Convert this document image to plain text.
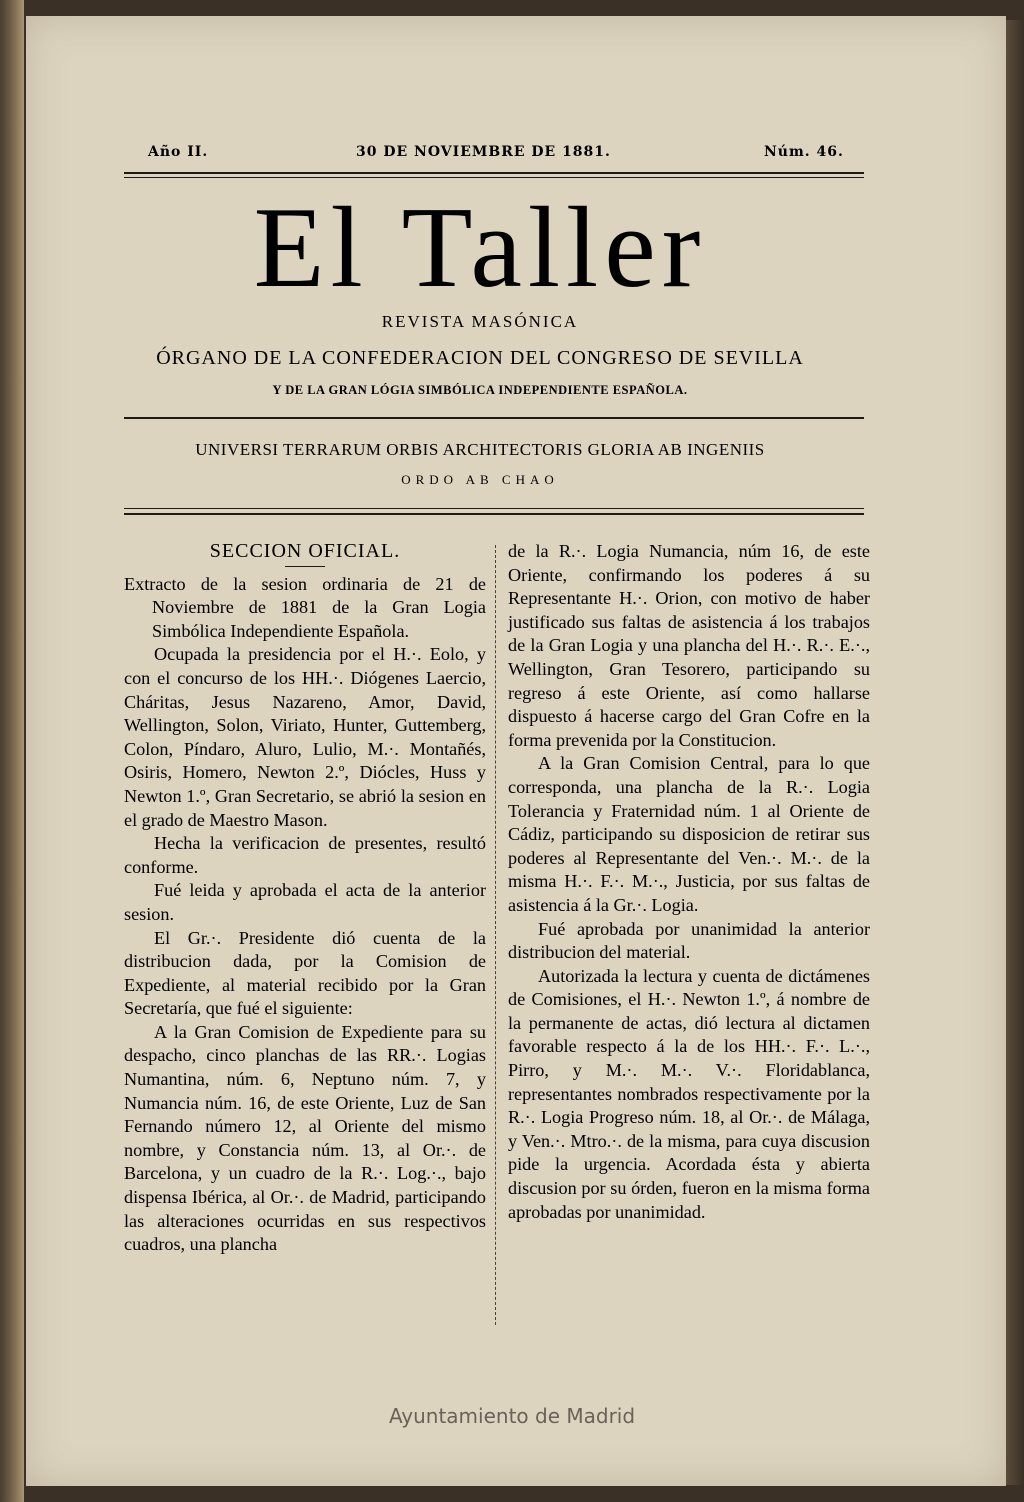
Año II.	30 DE NOVIEMBRE DE 1881.	Núm. 46.
El Taller
REVISTA MASÓNICA
ÓRGANO DE LA CONFEDERACION DEL CONGRESO DE SEVILLA
Y DE LA GRAN LÓGIA SIMBÓLICA INDEPENDIENTE ESPAÑOLA.
UNIVERSI TERRARUM ORBIS ARCHITECTORIS GLORIA AB INGENIIS
ORDO AB CHAO
SECCION OFICIAL.

Extracto de la sesion ordinaria de 21 de Noviembre de 1881 de la Gran Logia Simbólica Independiente Española.

Ocupada la presidencia por el H.·. Eolo, y con el concurso de los HH.·. Diógenes Laercio, Cháritas, Jesus Nazareno, Amor, David, Wellington, Solon, Viriato, Hunter, Guttemberg, Colon, Píndaro, Aluro, Lulio, M.·. Montañés, Osiris, Homero, Newton 2.º, Diócles, Huss y Newton 1.º, Gran Secretario, se abrió la sesion en el grado de Maestro Mason.

Hecha la verificacion de presentes, resultó conforme.

Fué leida y aprobada el acta de la anterior sesion.

El Gr.·. Presidente dió cuenta de la distribucion dada, por la Comision de Expediente, al material recibido por la Gran Secretaría, que fué el siguiente:

A la Gran Comision de Expediente para su despacho, cinco planchas de las RR.·. Logias Numantina, núm. 6, Neptuno núm. 7, y Numancia núm. 16, de este Oriente, Luz de San Fernando número 12, al Oriente del mismo nombre, y Constancia núm. 13, al Or.·. de Barcelona, y un cuadro de la R.·. Log.·., bajo dispensa Ibérica, al Or.·. de Madrid, participando las alteraciones ocurridas en sus respectivos cuadros, una plancha

de la R.·. Logia Numancia, núm 16, de este Oriente, confirmando los poderes á su Representante H.·. Orion, con motivo de haber justificado sus faltas de asistencia á los trabajos de la Gran Logia y una plancha del H.·. R.·. E.·., Wellington, Gran Tesorero, participando su regreso á este Oriente, así como hallarse dispuesto á hacerse cargo del Gran Cofre en la forma prevenida por la Constitucion.

A la Gran Comision Central, para lo que corresponda, una plancha de la R.·. Logia Tolerancia y Fraternidad núm. 1 al Oriente de Cádiz, participando su disposicion de retirar sus poderes al Representante del Ven.·. M.·. de la misma H.·. F.·. M.·., Justicia, por sus faltas de asistencia á la Gr.·. Logia.

Fué aprobada por unanimidad la anterior distribucion del material.

Autorizada la lectura y cuenta de dictámenes de Comisiones, el H.·. Newton 1.º, á nombre de la permanente de actas, dió lectura al dictamen favorable respecto á la de los HH.·. F.·. L.·., Pirro, y M.·. M.·. V.·. Floridablanca, representantes nombrados respectivamente por la R.·. Logia Progreso núm. 18, al Or.·. de Málaga, y Ven.·. Mtro.·. de la misma, para cuya discusion pide la urgencia. Acordada ésta y abierta discusion por su órden, fueron en la misma forma aprobadas por unanimidad.

Ayuntamiento de Madrid
